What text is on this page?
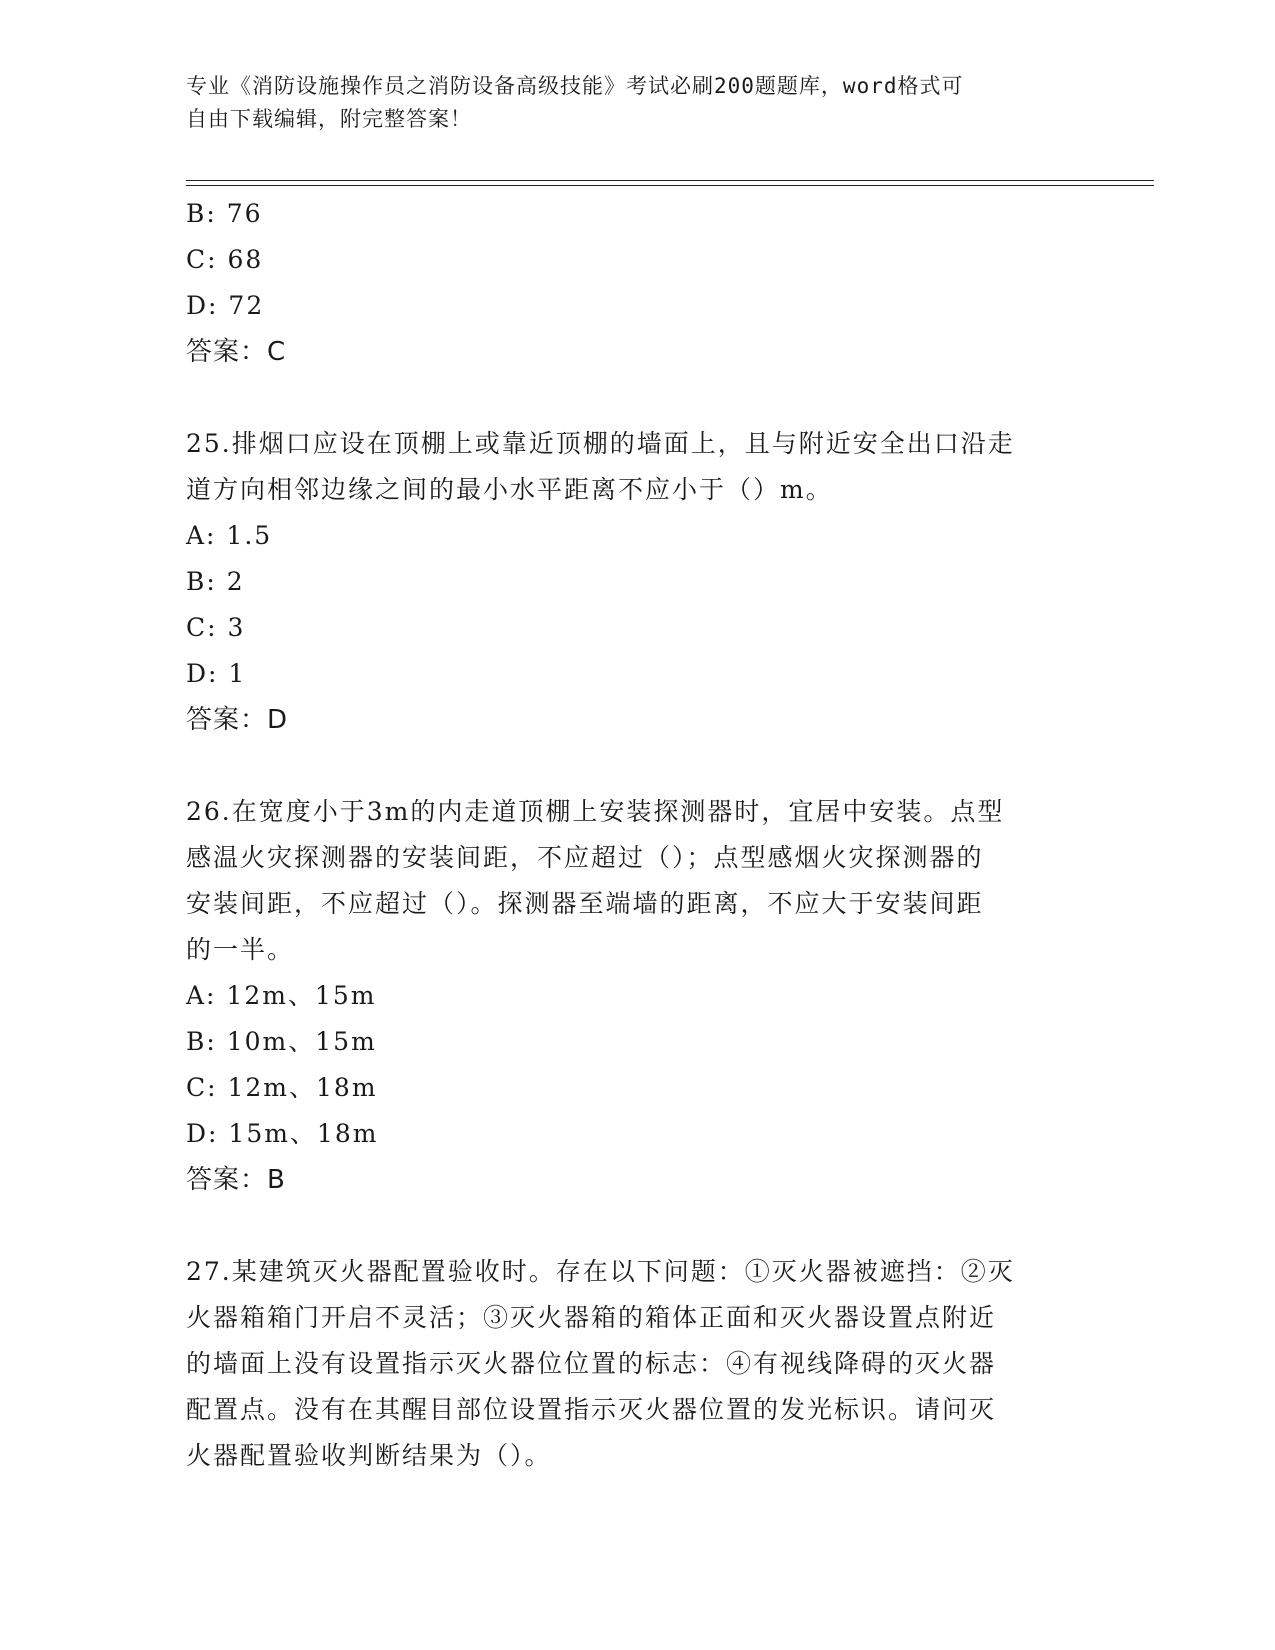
专业《消防设施操作员之消防设备高级技能》考试必刷200题题库，word格式可
自由下载编辑，附完整答案！
B: 76
C: 68
D: 72
答案：C
25.排烟口应设在顶棚上或靠近顶棚的墙面上，且与附近安全出口沿走
道方向相邻边缘之间的最小水平距离不应小于（）m。
A: 1.5
B: 2
C: 3
D: 1
答案：D
26.在宽度小于3m的内走道顶棚上安装探测器时，宜居中安装。点型
感温火灾探测器的安装间距，不应超过（）；点型感烟火灾探测器的
安装间距，不应超过（）。探测器至端墙的距离，不应大于安装间距
的一半。
A: 12m、15m
B: 10m、15m
C: 12m、18m
D: 15m、18m
答案：B
27.某建筑灭火器配置验收时。存在以下问题：①灭火器被遮挡：②灭
火器箱箱门开启不灵活；③灭火器箱的箱体正面和灭火器设置点附近
的墙面上没有设置指示灭火器位位置的标志：④有视线降碍的灭火器
配置点。没有在其醒目部位设置指示灭火器位置的发光标识。请问灭
火器配置验收判断结果为（）。
